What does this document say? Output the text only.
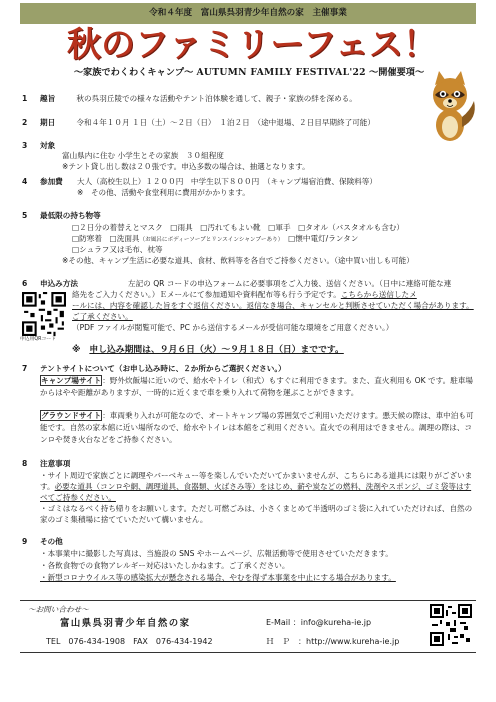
令和４年度　富山県呉羽青少年自然の家　主催事業
秋のファミリーフェス！
～家族でわくわくキャンプ～ AUTUMN FAMILY FESTIVAL'22 ～開催要項～
1 趣旨	秋の呉羽丘陵での様々な活動やテント泊体験を通して、親子・家族の絆を深める。
2 期日	令和４年１０月 １日（土）～２日（日）　１泊２日　（途中退場、２日目早期終了可能）
3 対象
富山県内に住む 小学生とその家族　３０組程度
※テント貸し出し数は２０張です。申込多数の場合は、抽選となります。
4 参加費	大人（高校生以上）１２００円　中学生以下８００円　（キャンプ場宿泊費、保険料等）
※　その他、活動や食堂利用に費用がかかります。
5 最低限の持ち物等
□２日分の着替えとマスク　□雨具　□汚れてもよい靴　□軍手　□タオル（バスタオルも含む）
□防寒着　□洗面具（お風呂にボディーソープとリンスインシャンプーあり）　 □懐中電灯/ランタン
□シュラフ又は毛布、枕等
※その他、キャンプ生活に必要な道具、食材、飲料等を各自でご持参ください。（途中買い出しも可能）
6 申込み方法
申込用QRコード
左記の QR コードの申込フォームに必要事項をご入力後、送信ください。（日中に連絡可能な連
絡先をご入力ください。）Ｅメールにて参加通知や資料配布等も行う予定です。こちらから送信したメ
ールには、内容を確認した旨をすぐ返信ください。返信なき場合、キャンセルと判断させていただく場合があります。ご了承ください。
（PDF ファイルが閲覧可能で、PC から送信するメールが受信可能な環境をご用意ください。）
※　 申し込み期間は、９月６日（火）～９月１８日（日）までです。
7 テントサイトについて（お申し込み時に、２か所からご選択ください。）
キャンプ場サイト：野外炊飯場に近いので、給水やトイレ（和式）もすぐに利用できます。また、直火利用も OK です。駐車場からはやや距離がありますが、一時的に近くまで車を乗り入れて荷物を運ぶことができます。
グラウンドサイト：車両乗り入れが可能なので、オートキャンプ場の雰囲気でご利用いただけます。悪天候の際は、車中泊も可能です。自然の家本館に近い場所なので、給水やトイレは本館をご利用ください。直火での利用はできません。調理の際は、コンロや焚き火台などをご持参ください。
8 注意事項
・サイト周辺で家族ごとに調理やバーベキュー等を楽しんでいただいてかまいませんが、こちらにある道具には限りがございます。必要な道具（コンロや網、調理道具、食器類、火ばさみ等）をはじめ、薪や炭などの燃料、洗剤やスポンジ、ゴミ袋等はすべてご持参ください。
・ゴミはなるべく持ち帰りをお願いします。ただし可燃ごみは、小さくまとめて半透明のゴミ袋に入れていただければ、自然の家のゴミ集積場に捨てていただいて構いません。
9 その他
・本事業中に撮影した写真は、当施設の SNS やホームページ、広報活動等で使用させていただきます。
・各飲食物での食物アレルギー対応はいたしかねます。ご了承ください。
・新型コロナウイルス等の感染拡大が懸念される場合、やむを得ず本事業を中止にする場合があります。
～お問い合わせ～
富山県呉羽青少年自然の家
TEL　 076-434-1908　 FAX　 076-434-1942
E-Mail ：info@kureha-ie.jp
Ｈ　Ｐ　：http://www.kureha-ie.jp
